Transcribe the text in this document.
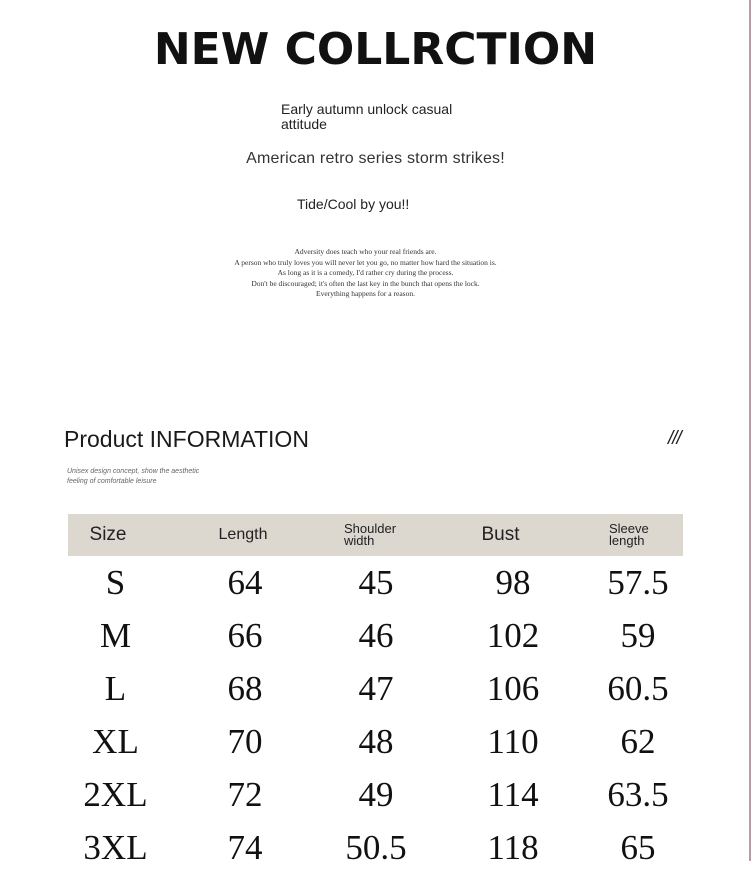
NEW COLLRCTION
Early autumn unlock casual attitude
American retro series storm strikes!
Tide/Cool by you!!
Adversity does teach who your real friends are.
A person who truly loves you will never let you go, no matter how hard the situation is.
As long as it is a comedy, I'd rather cry during the process.
Don't be discouraged; it's often the last key in the bunch that opens the lock.
Everything happens for a reason.
Product INFORMATION	///
Unisex design concept, show the aesthetic
feeling of comfortable leisure
Size	Length	Shoulder width	Bust	Sleeve length
S	64	45	98	57.5
M	66	46	102	59
L	68	47	106	60.5
XL	70	48	110	62
2XL	72	49	114	63.5
3XL	74	50.5	118	65
